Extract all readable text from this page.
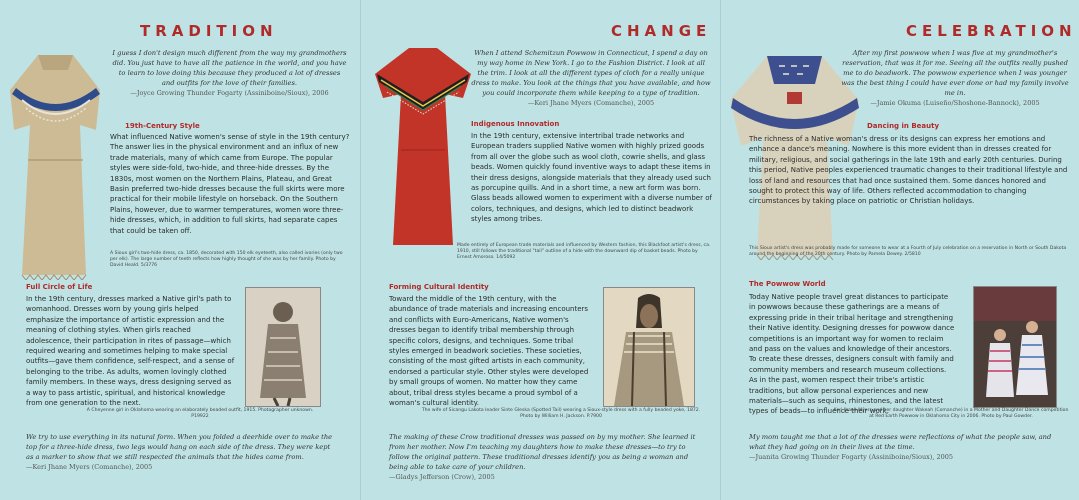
TRADITION
I guess I don't design much different from the way my grandmothers did. You just have to have all the patience in the world, and you have to learn to love doing this because they produced a lot of dresses and outfits for the love of their families.
—Joyce Growing Thunder Fogarty (Assiniboine/Sioux), 2006
19th-Century Style
What influenced Native women's sense of style in the 19th century? The answer lies in the physical environment and an influx of new trade materials, many of which came from Europe. The popular styles were side-fold, two-hide, and three-hide dresses. By the 1830s, most women on the Northern Plains, Plateau, and Great Basin preferred two-hide dresses because the full skirts were more practical for their mobile lifestyle on horseback. On the Southern Plains, however, due to warmer temperatures, women wore three-hide dresses, which, in addition to full skirts, had separate capes that could be taken off.
A Sioux girl's two-hide dress, ca. 1850, decorated with 150 elk eyeteeth, also called ivories (only two per elk). The large number of teeth reflects how highly thought of she was by her family. Photo by David Heald. 5/3776
Full Circle of Life
In the 19th century, dresses marked a Native girl's path to womanhood. Dresses worn by young girls helped emphasize the importance of artistic expression and the meaning of clothing styles. When girls reached adolescence, their participation in rites of passage—which required wearing and sometimes helping to make special outfits—gave them confidence, self-respect, and a sense of belonging to the tribe. As adults, women lovingly clothed family members. In these ways, dress designing served as a way to pass artistic, spiritual, and historical knowledge from one generation to the next.
A Cheyenne girl in Oklahoma wearing an elaborately beaded outfit, 1915. Photographer unknown. P19922
We try to use everything in its natural form. When you folded a deerhide over to make the top for a three-hide dress, two legs would hang on each side of the dress. They were kept as a marker to show that we still respected the animals that the hides came from.
—Keri Jhane Myers (Comanche), 2005
CHANGE
When I attend Schemitzun Powwow in Connecticut, I spend a day on my way home in New York. I go to the Fashion District. I look at all the trim. I look at all the different types of cloth for a really unique dress to make. You look at the things that you have available, and how you could incorporate them while keeping to a type of tradition.
—Keri Jhane Myers (Comanche), 2005
Indigenous Innovation
In the 19th century, extensive intertribal trade networks and European traders supplied Native women with highly prized goods from all over the globe such as wool cloth, cowrie shells, and glass beads. Women quickly found inventive ways to adapt these items in their dress designs, alongside materials that they already used such as porcupine quills. And in a short time, a new art form was born. Glass beads allowed women to experiment with a diverse number of colors, techniques, and designs, which led to distinct beadwork styles among tribes.
Made entirely of European trade materials and influenced by Western fashion, this Blackfoot artist's dress, ca. 1910, still follows the traditional "tail" outline of a hide with the downward dip of basket beads. Photo by Ernest Amoroso. 14/5092
Forming Cultural Identity
Toward the middle of the 19th century, with the abundance of trade materials and increasing encounters and conflicts with Euro-Americans, Native women's dresses began to identify tribal membership through specific colors, designs, and techniques. Some tribal styles emerged in beadwork societies. These societies, consisting of the most gifted artists in each community, endorsed a particular style. Other styles were developed by small groups of women. No matter how they came about, tribal dress styles became a proud symbol of a woman's cultural identity.
The wife of Sicangu Lakota leader Sinte Gleska (Spotted Tail) wearing a Sioux-style dress with a fully beaded yoke, 1872. Photo by William H. Jackson. P.7900
The making of these Crow traditional dresses was passed on by my mother. She learned it from her mother. Now I'm teaching my daughters how to make these dresses—to try to follow the original pattern. These traditional dresses identify you as being a woman and being able to take care of your children.
—Gladys Jefferson (Crow), 2005
CELEBRATION
After my first powwow when I was five at my grandmother's reservation, that was it for me. Seeing all the outfits really pushed me to do beadwork. The powwow experience when I was younger was the best thing I could have ever done or had my family involve me in.
—Jamie Okuma (Luiseño/Shoshone-Bannock), 2005
Dancing in Beauty
The richness of a Native woman's dress or its designs can express her emotions and enhance a dance's meaning. Nowhere is this more evident than in dresses created for military, religious, and social gatherings in the late 19th and early 20th centuries. During this period, Native peoples experienced traumatic changes to their traditional lifestyle and loss of land and resources that had once sustained them. Some dances honored and sought to protect this way of life. Others reflected accommodation to changing circumstances by taking place on patriotic or Christian holidays.
This Sioux artist's dress was probably made for someone to wear at a Fourth of July celebration on a reservation in North or South Dakota around the beginning of the 20th century. Photo by Pamela Dewey. 2/5810
The Powwow World
Today Native people travel great distances to participate in powwows because these gatherings are a means of expressing pride in their tribal heritage and strengthening their Native identity. Designing dresses for powwow dance competitions is an important way for women to reclaim and pass on the values and knowledge of their ancestors. To create these dresses, designers consult with family and community members and research museum collections. As in the past, women respect their tribe's artistic traditions, but allow personal experiences and new materials—such as sequins, rhinestones, and the latest types of beads—to influence their work.
Keri Jhane Myers and her daughter Wakeah (Comanche) in a Mother and Daughter Dance competition at Red Earth Powwow in Oklahoma City in 2006. Photo by Paul Gowder.
My mom taught me that a lot of the dresses were reflections of what the people saw, and what they had going on in their lives at the time.
—Juanita Growing Thunder Fogarty (Assiniboine/Sioux), 2005
